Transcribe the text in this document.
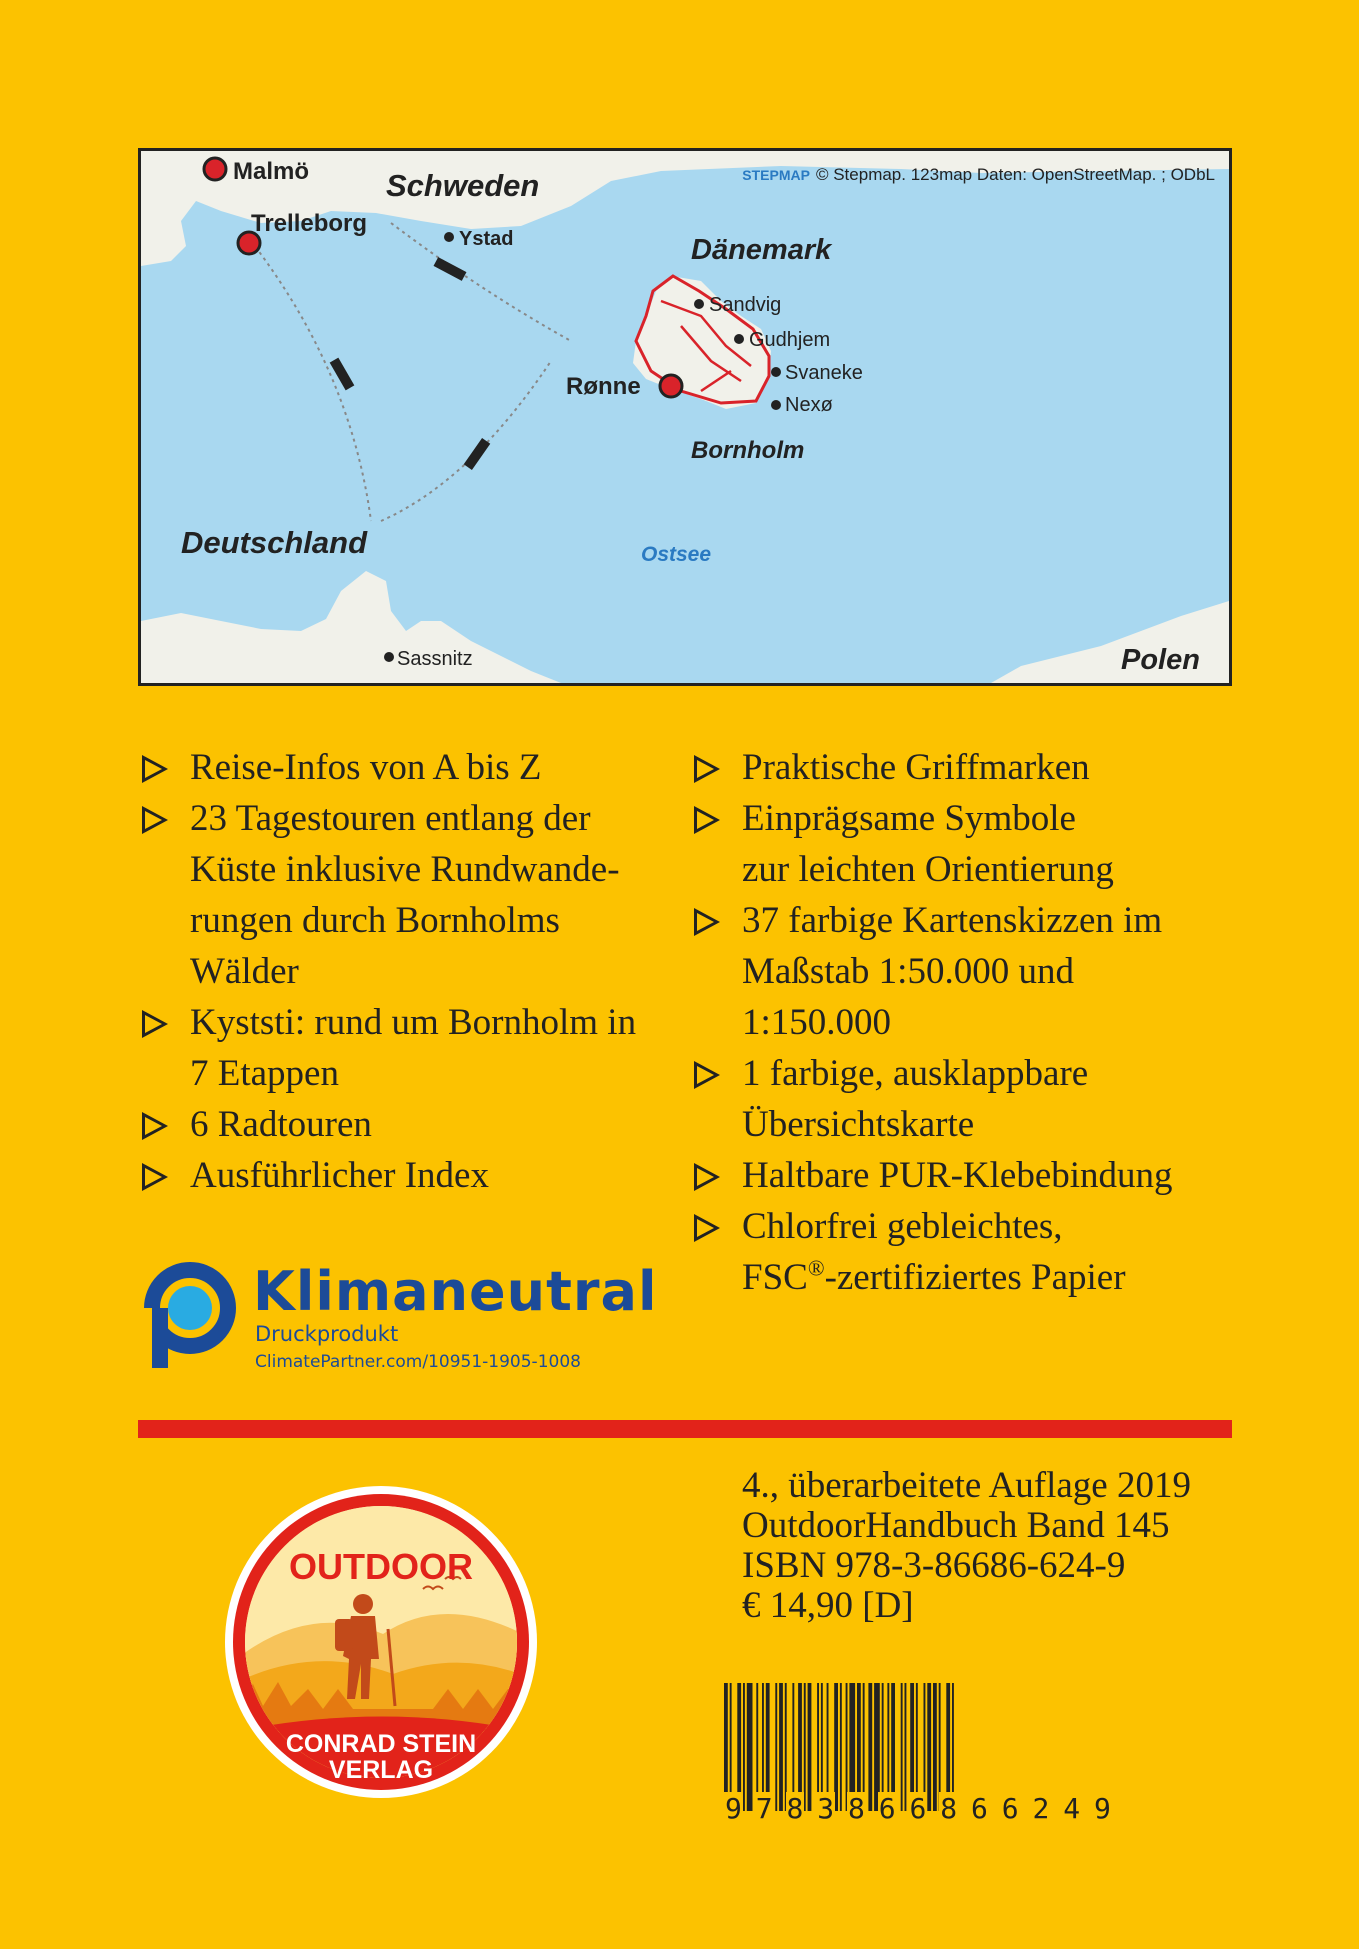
Malmö Schweden
Trelleborg
Ystad	Dänemark
Sandvig
Gudhjem
Svaneke
Nexø
Rønne
Bornholm
Deutschland	Ostsee
Sassnitz	Polen
STEPMAP © Stepmap. 123map Daten: OpenStreetMap. ; ODbL
Reise-Infos von A bis Z
23 Tagestouren entlang der
Küste inklusive Rundwande-
rungen durch Bornholms
Wälder
Kyststi: rund um Bornholm in
7 Etappen
6 Radtouren
Ausführlicher Index
Praktische Griffmarken
Einprägsame Symbole
zur leichten Orientierung
37 farbige Kartenskizzen im
Maßstab 1:50.000 und
1:150.000
1 farbige, ausklappbare
Übersichtskarte
Haltbare PUR-Klebebindung
Chlorfrei gebleichtes,
FSC®-zertifiziertes Papier
Klimaneutral
Druckprodukt
ClimatePartner.com/10951-1905-1008
OUTDOOR
CONRAD STEIN
VERLAG
4., überarbeitete Auflage 2019
OutdoorHandbuch Band 145
ISBN 978-3-86686-624-9
€ 14,90 [D]
9 7 8 3 8 6 6 8 6 6 2 4 9
